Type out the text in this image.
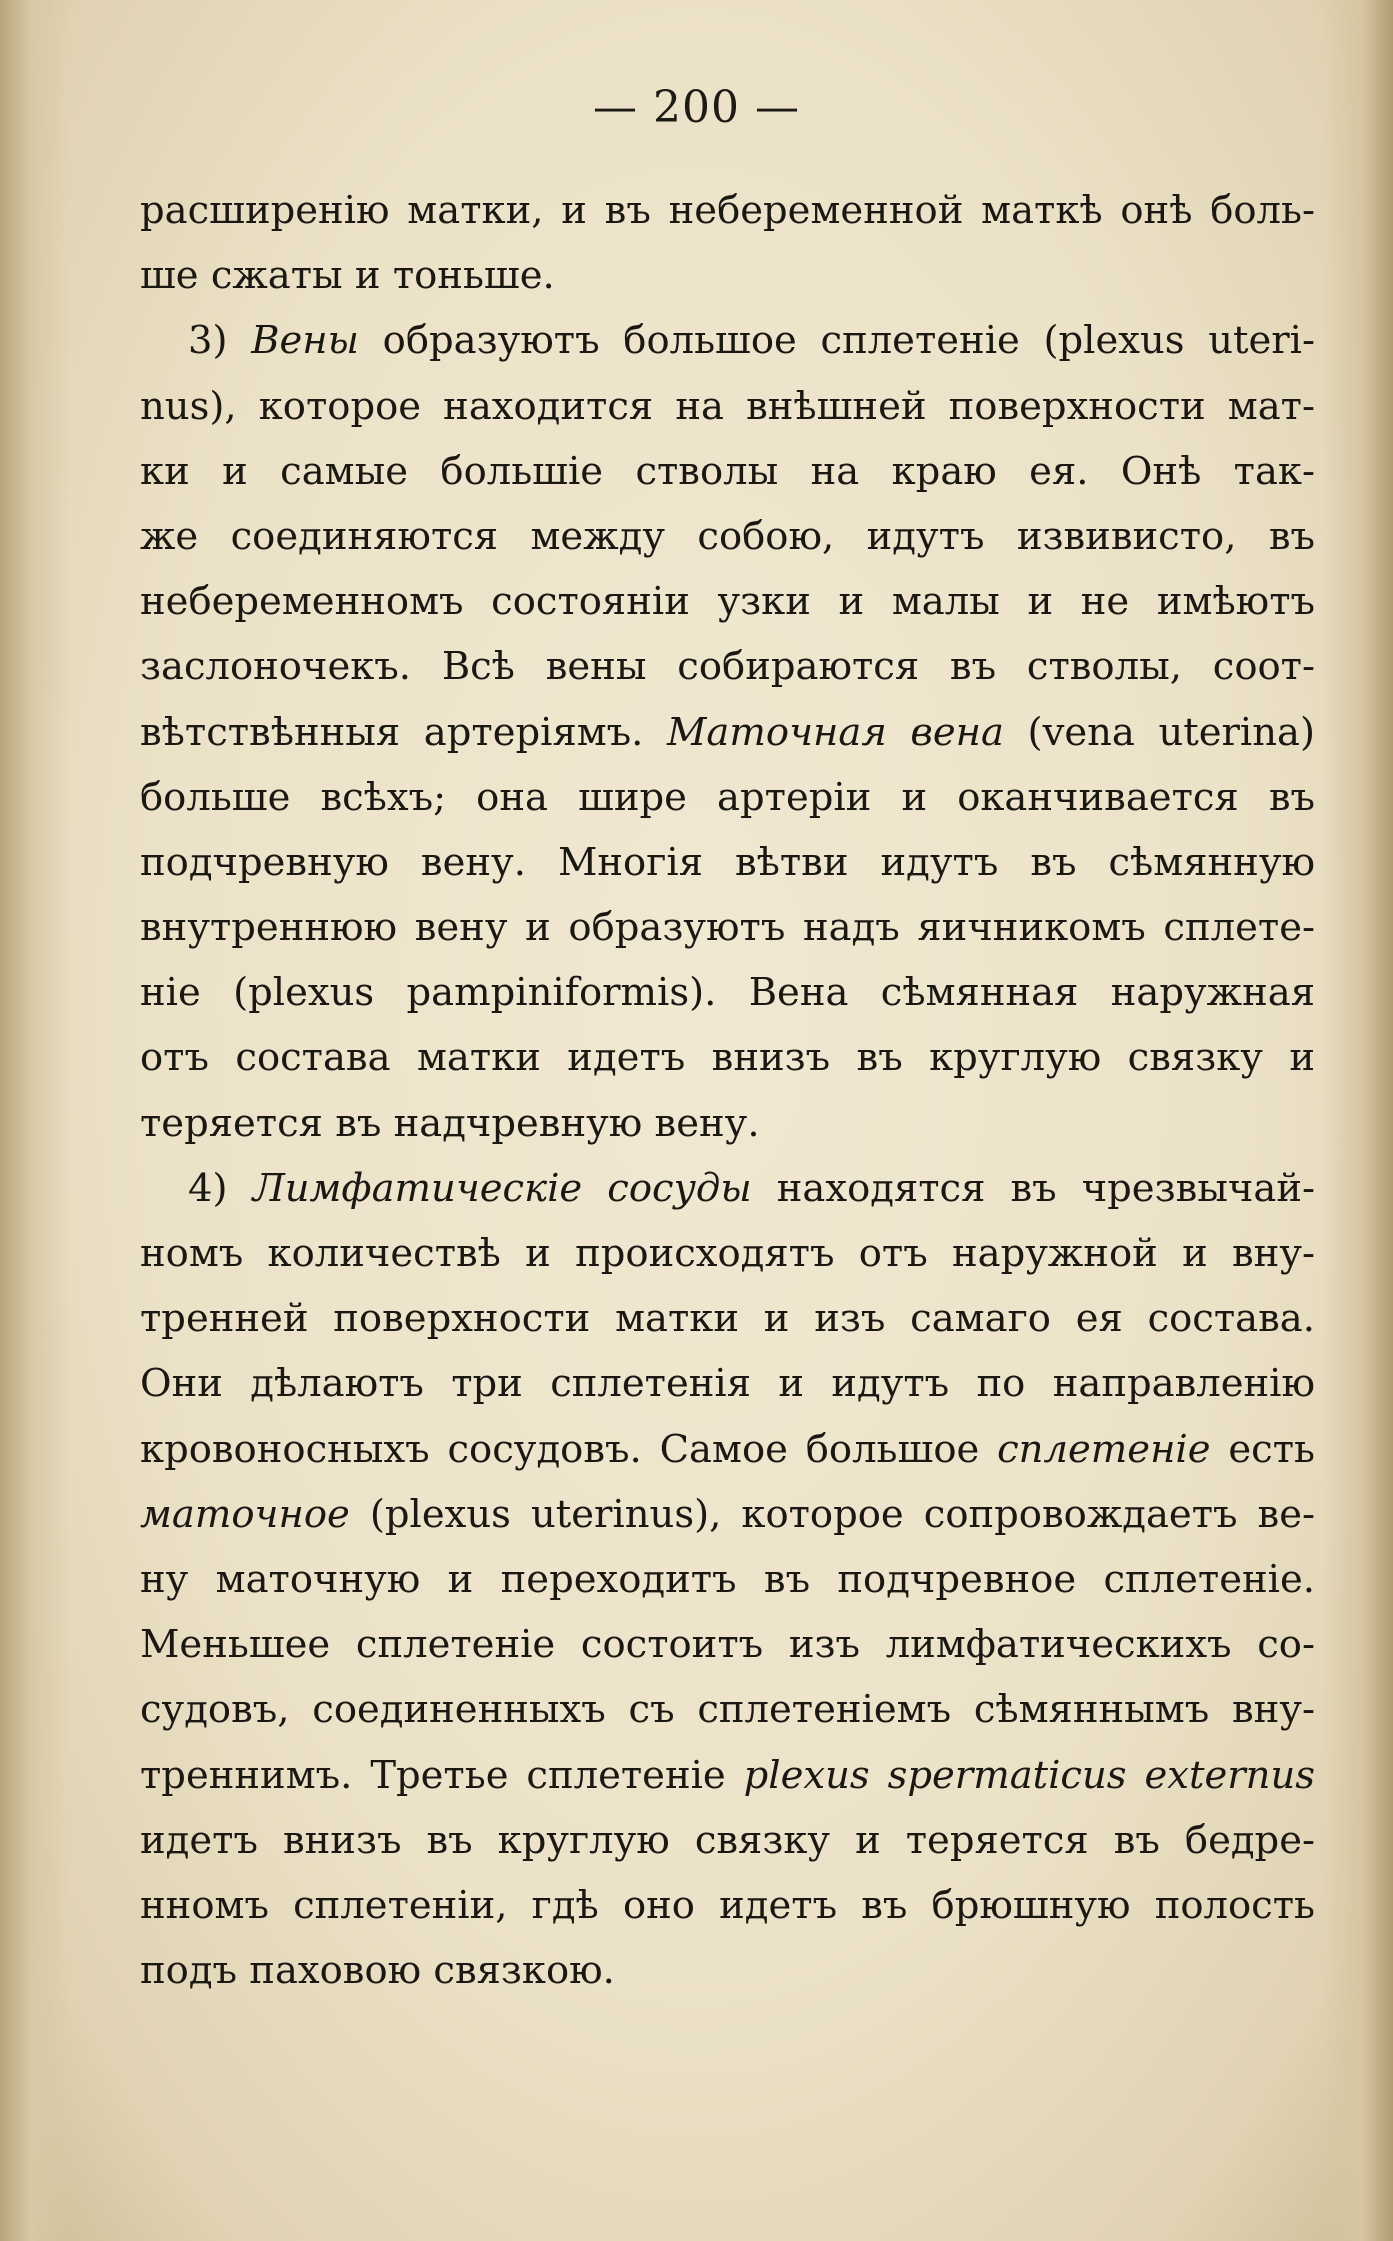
— 200 —
расширенію матки, и въ небеременной маткѣ онѣ боль-
ше сжаты и тоньше.
3) Вены образуютъ большое сплетеніе (plexus uteri-
nus), которое находится на внѣшней поверхности мат-
ки и самые большіе стволы на краю ея. Онѣ так-
же соединяются между собою, идутъ извивисто, въ
небеременномъ состояніи узки и малы и не имѣютъ
заслоночекъ. Всѣ вены собираются въ стволы, соот-
вѣтствѣнныя артеріямъ. Маточная вена (vena uterina)
больше всѣхъ; она шире артеріи и оканчивается въ
подчревную вену. Многія вѣтви идутъ въ сѣмянную
внутреннюю вену и образуютъ надъ яичникомъ сплете-
ніе (plexus pampiniformis). Вена сѣмянная наружная
отъ состава матки идетъ внизъ въ круглую связку и
теряется въ надчревную вену.
4) Лимфатическіе сосуды находятся въ чрезвычай-
номъ количествѣ и происходятъ отъ наружной и вну-
тренней поверхности матки и изъ самаго ея состава.
Они дѣлаютъ три сплетенія и идутъ по направленію
кровоносныхъ сосудовъ. Самое большое сплетеніе есть
маточное (plexus uterinus), которое сопровождаетъ ве-
ну маточную и переходитъ въ подчревное сплетеніе.
Меньшее сплетеніе состоитъ изъ лимфатическихъ со-
судовъ, соединенныхъ съ сплетеніемъ сѣмяннымъ вну-
треннимъ. Третье сплетеніе plexus spermaticus externus
идетъ внизъ въ круглую связку и теряется въ бедре-
нномъ сплетеніи, гдѣ оно идетъ въ брюшную полость
подъ паховою связкою.
